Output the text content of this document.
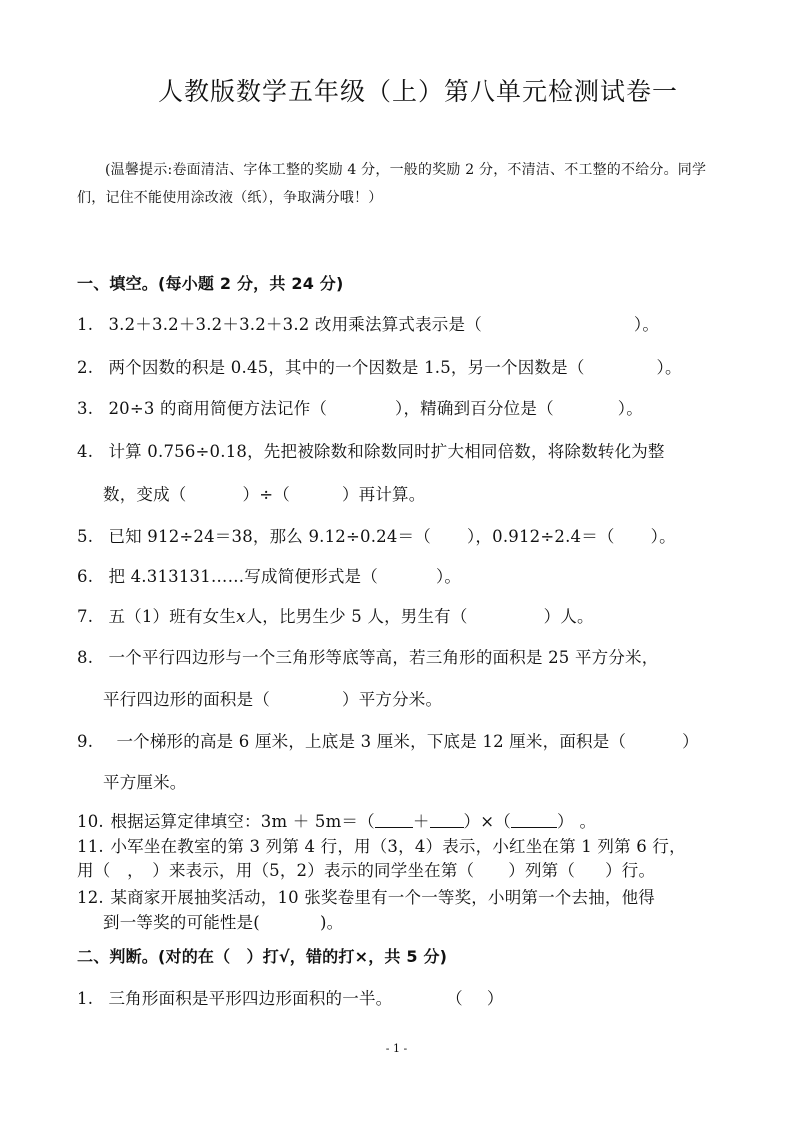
人教版数学五年级（上）第八单元检测试卷一
(温馨提示:卷面清洁、字体工整的奖励 4 分，一般的奖励 2 分，不清洁、不工整的不给分。同学
们，记住不能使用涂改液（纸），争取满分哦！）
一、填空。(每小题 2 分，共 24 分)
1. 3.2＋3.2＋3.2＋3.2＋3.2 改用乘法算式表示是（	）。
2. 两个因数的积是 0.45，其中的一个因数是 1.5，另一个因数是（	）。
3. 20÷3 的商用简便方法记作（	），精确到百分位是（	）。
4. 计算 0.756÷0.18，先把被除数和除数同时扩大相同倍数，将除数转化为整
数，变成（	）÷（	）再计算。
5. 已知 912÷24＝38，那么 9.12÷0.24＝（ ），0.912÷2.4＝（ ）。
6. 把 4.313131……写成简便形式是（	）。
7. 五（1）班有女生x人，比男生少 5 人，男生有（	）人。
8. 一个平行四边形与一个三角形等底等高，若三角形的面积是 25 平方分米，
平行四边形的面积是（	）平方分米。
9. 一个梯形的高是 6 厘米，上底是 3 厘米，下底是 12 厘米，面积是（	）
平方厘米。
10. 根据运算定律填空：3m ＋ 5m＝（ ＋ ）×（	） 。
11. 小军坐在教室的第 3 列第 4 行，用（3，4）表示，小红坐在第 1 列第 6 行，
用（　，　）来表示，用（5，2）表示的同学坐在第（ ）列第（ ）行。
12. 某商家开展抽奖活动，10 张奖卷里有一个一等奖，小明第一个去抽，他得
到一等奖的可能性是(	)。
二、判断。(对的在（　）打√，错的打×，共 5 分)
1. 三角形面积是平形四边形面积的一半。	（ ）
- 1 -
